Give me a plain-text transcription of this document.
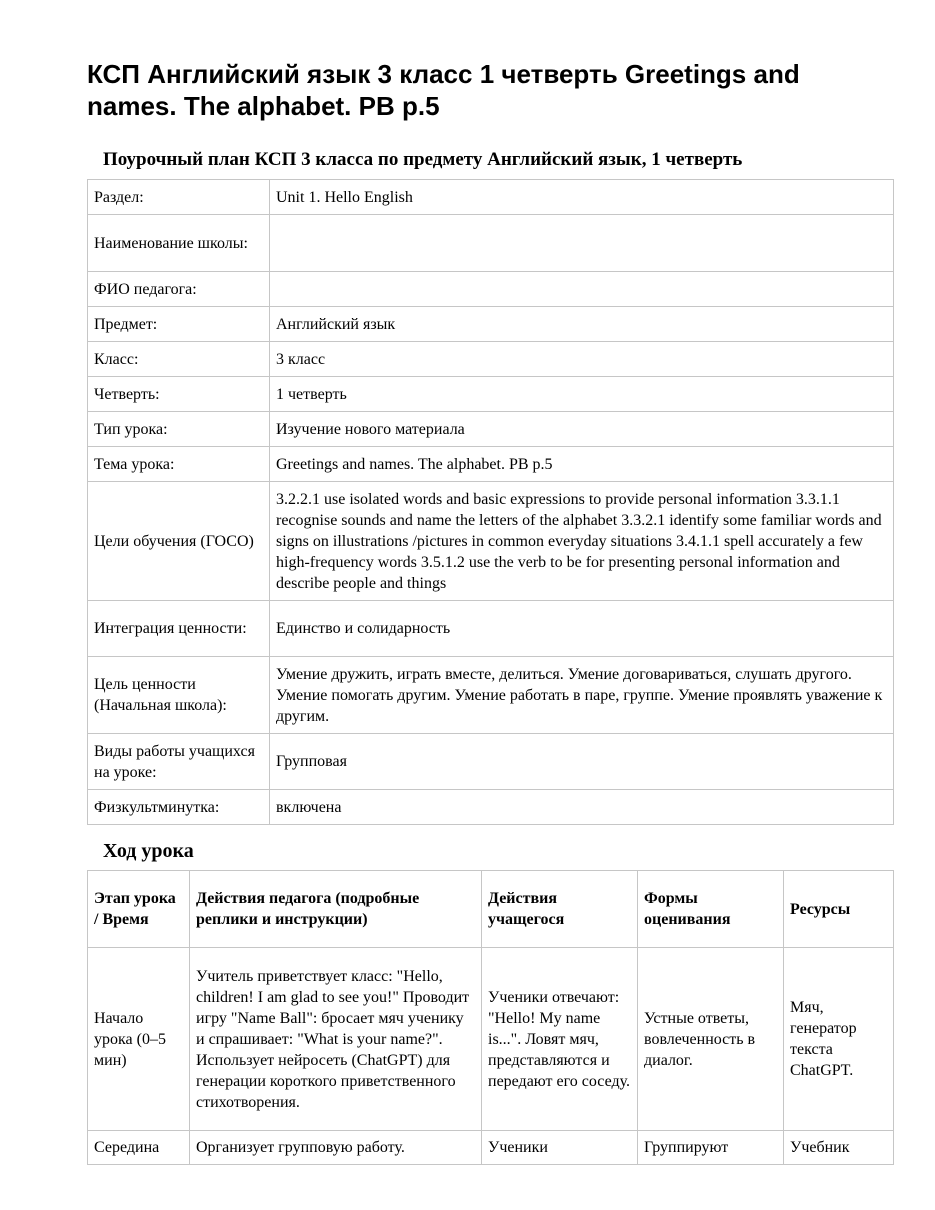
КСП Английский язык 3 класс 1 четверть Greetings and names. The alphabet. PB p.5
Поурочный план КСП 3 класса по предмету Английский язык, 1 четверть
Раздел:	Unit 1. Hello English
Наименование школы:	
ФИО педагога:	
Предмет:	Английский язык
Класс:	3 класс
Четверть:	1 четверть
Тип урока:	Изучение нового материала
Тема урока:	Greetings and names. The alphabet. PB p.5
Цели обучения (ГОСО)	3.2.2.1 use isolated words and basic expressions to provide personal information 3.3.1.1 recognise sounds and name the letters of the alphabet 3.3.2.1 identify some familiar words and signs on illustrations /pictures in common everyday situations 3.4.1.1 spell accurately a few high-frequency words 3.5.1.2 use the verb to be for presenting personal information and describe people and things
Интеграция ценности:	Единство и солидарность
Цель ценности (Начальная школа):	Умение дружить, играть вместе, делиться. Умение договариваться, слушать другого. Умение помогать другим. Умение работать в паре, группе. Умение проявлять уважение к другим.
Виды работы учащихся на уроке:	Групповая
Физкультминутка:	включена
Ход урока
Этап урока / Время	Действия педагога (подробные реплики и инструкции)	Действия учащегося	Формы оценивания	Ресурсы
Начало урока (0–5 мин)	Учитель приветствует класс: "Hello, children! I am glad to see you!" Проводит игру "Name Ball": бросает мяч ученику и спрашивает: "What is your name?". Использует нейросеть (ChatGPT) для генерации короткого приветственного стихотворения.	Ученики отвечают: "Hello! My name is...". Ловят мяч, представляются и передают его соседу.	Устные ответы, вовлеченность в диалог.	Мяч, генератор текста ChatGPT.
Середина	Организует групповую работу.	Ученики	Группируют	Учебник
